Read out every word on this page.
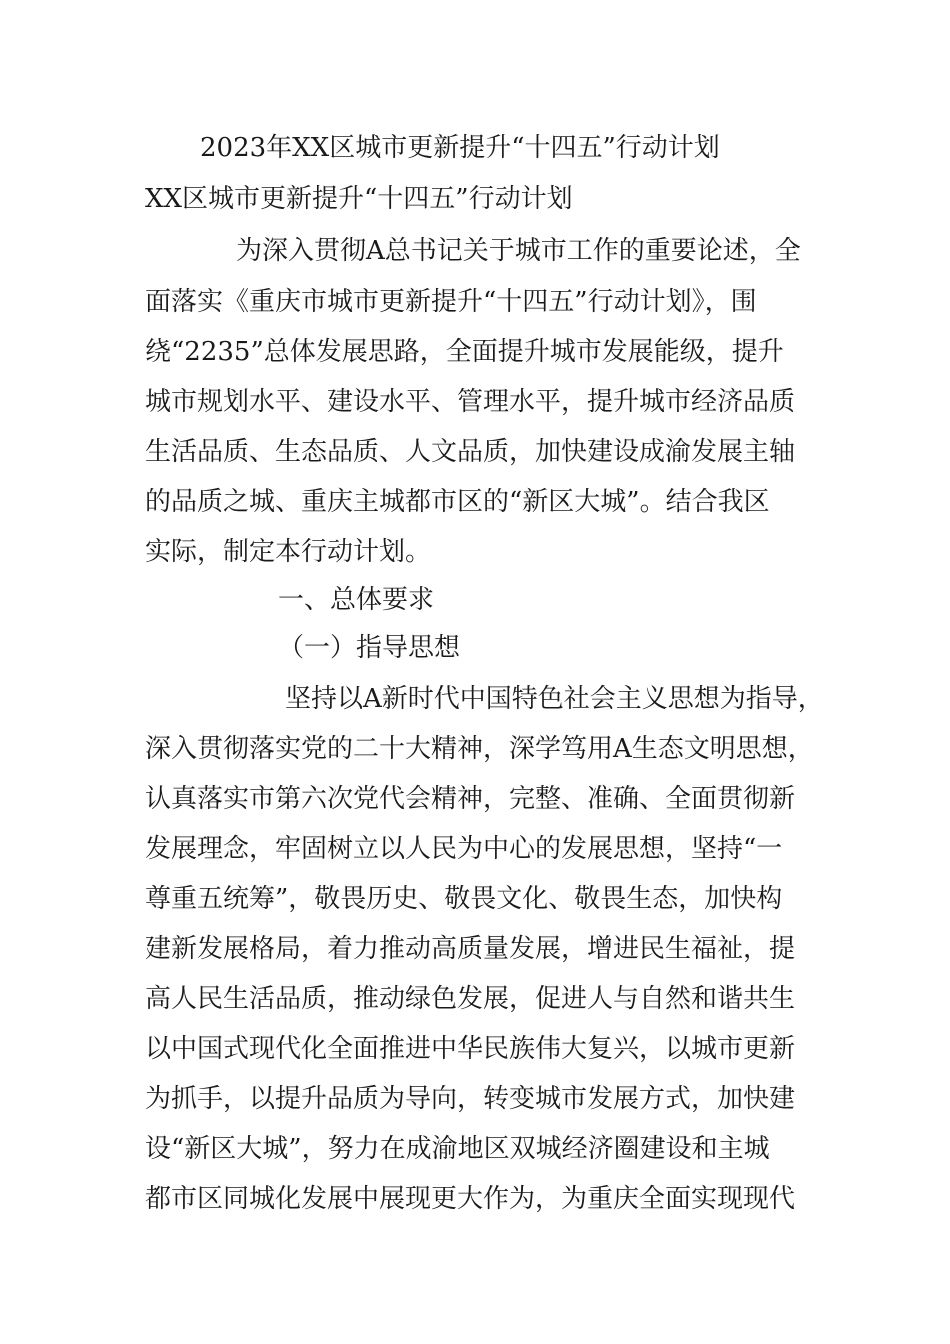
2023年XX区城市更新提升“十四五”行动计划
XX区城市更新提升“十四五”行动计划
为深入贯彻A总书记关于城市工作的重要论述，全
面落实《重庆市城市更新提升“十四五”行动计划》，围
绕“2235”总体发展思路，全面提升城市发展能级，提升
城市规划水平、建设水平、管理水平，提升城市经济品质
生活品质、生态品质、人文品质，加快建设成渝发展主轴
的品质之城、重庆主城都市区的“新区大城”。结合我区
实际，制定本行动计划。
一、总体要求
（一）指导思想
坚持以A新时代中国特色社会主义思想为指导，
深入贯彻落实党的二十大精神，深学笃用A生态文明思想，
认真落实市第六次党代会精神，完整、准确、全面贯彻新
发展理念，牢固树立以人民为中心的发展思想，坚持“一
尊重五统筹”，敬畏历史、敬畏文化、敬畏生态，加快构
建新发展格局，着力推动高质量发展，增进民生福祉，提
高人民生活品质，推动绿色发展，促进人与自然和谐共生
以中国式现代化全面推进中华民族伟大复兴，以城市更新
为抓手，以提升品质为导向，转变城市发展方式，加快建
设“新区大城”，努力在成渝地区双城经济圈建设和主城
都市区同城化发展中展现更大作为，为重庆全面实现现代
